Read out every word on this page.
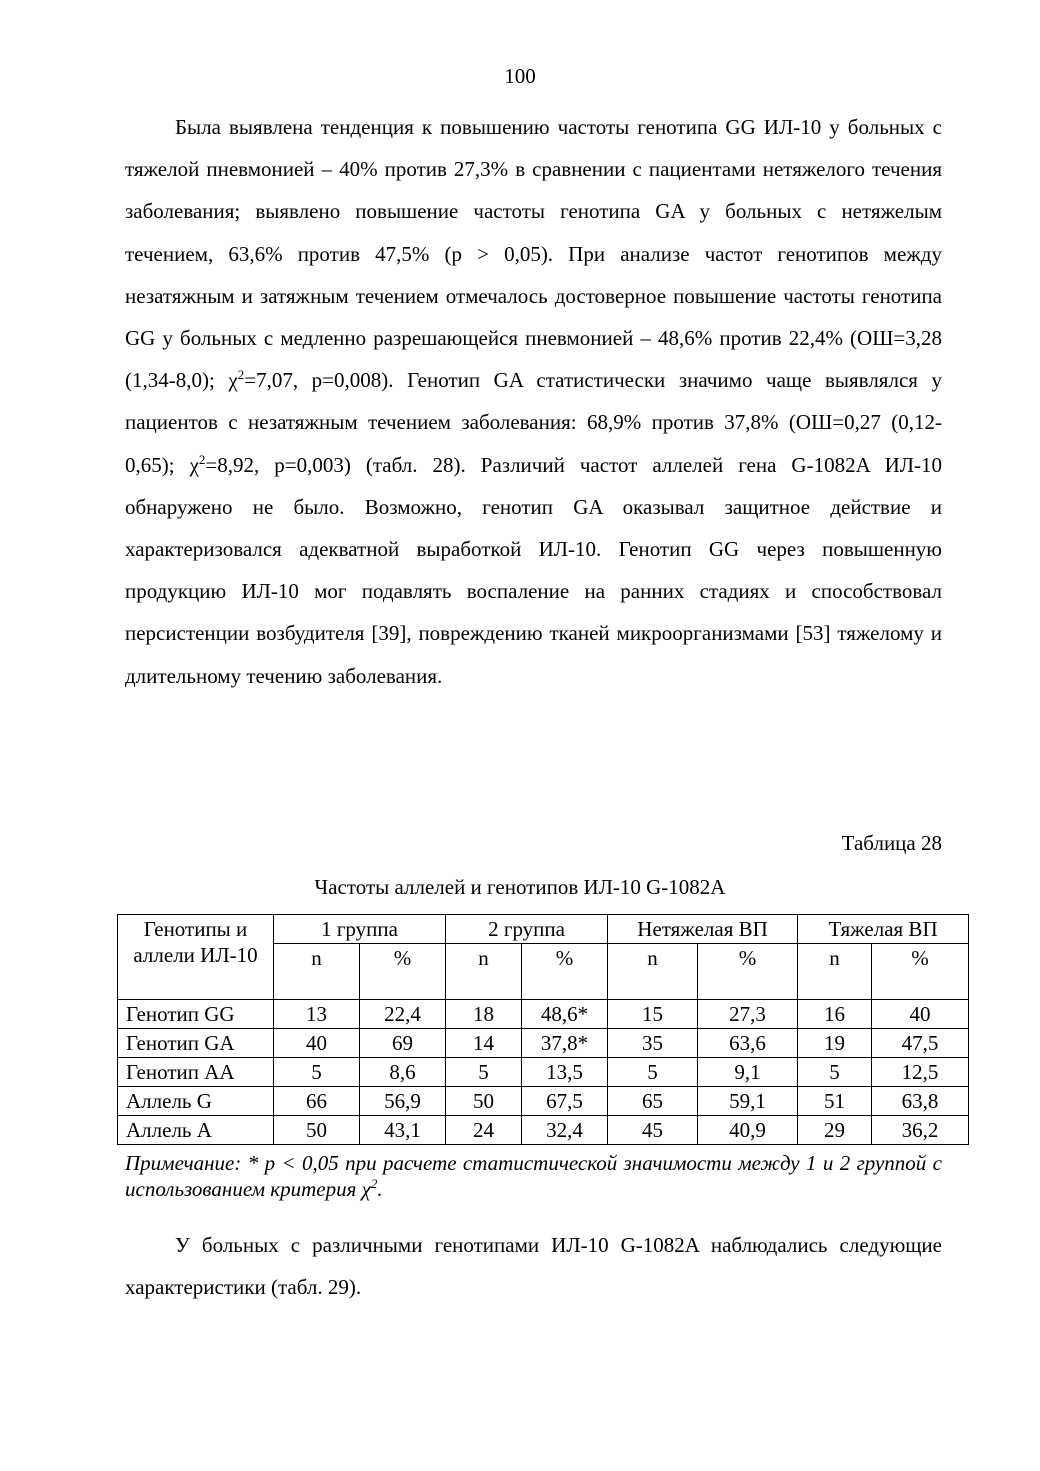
100

Была выявлена тенденция к повышению частоты генотипа GG ИЛ-10 у больных с тяжелой пневмонией – 40% против 27,3% в сравнении с пациентами нетяжелого течения заболевания; выявлено повышение частоты генотипа GA у больных с нетяжелым течением, 63,6% против 47,5% (p > 0,05). При анализе частот генотипов между незатяжным и затяжным течением отмечалось достоверное повышение частоты генотипа GG у больных с медленно разрешающейся пневмонией – 48,6% против 22,4% (ОШ=3,28 (1,34-8,0); $\chi^2=7,07$, p=0,008). Генотип GA статистически значимо чаще выявлялся у пациентов с незатяжным течением заболевания: 68,9% против 37,8% (ОШ=0,27 (0,12-0,65); $\chi^2=8,92$, p=0,003) (табл. 28). Различий частот аллелей гена G-1082A ИЛ-10 обнаружено не было. Возможно, генотип GA оказывал защитное действие и характеризовался адекватной выработкой ИЛ-10. Генотип GG через повышенную продукцию ИЛ-10 мог подавлять воспаление на ранних стадиях и способствовал персистенции возбудителя [39], повреждению тканей микроорганизмами [53] тяжелому и длительному течению заболевания.

Таблица 28
Частоты аллелей и генотипов ИЛ-10 G-1082A
Генотипы и аллели ИЛ-10	1 группа		2 группа		Нетяжелая ВП		Тяжелая ВП	
	n	%	n	%	n	%	n	%
Генотип GG	13	22,4	18	48,6*	15	27,3	16	40
Генотип GA	40	69	14	37,8*	35	63,6	19	47,5
Генотип AA	5	8,6	5	13,5	5	9,1	5	12,5
Аллель G	66	56,9	50	67,5	65	59,1	51	63,8
Аллель A	50	43,1	24	32,4	45	40,9	29	36,2
Примечание: * p < 0,05 при расчете статистической значимости между 1 и 2 группой с использованием критерия $\chi^2$.

У больных с различными генотипами ИЛ-10 G-1082A наблюдались следующие характеристики (табл. 29).
